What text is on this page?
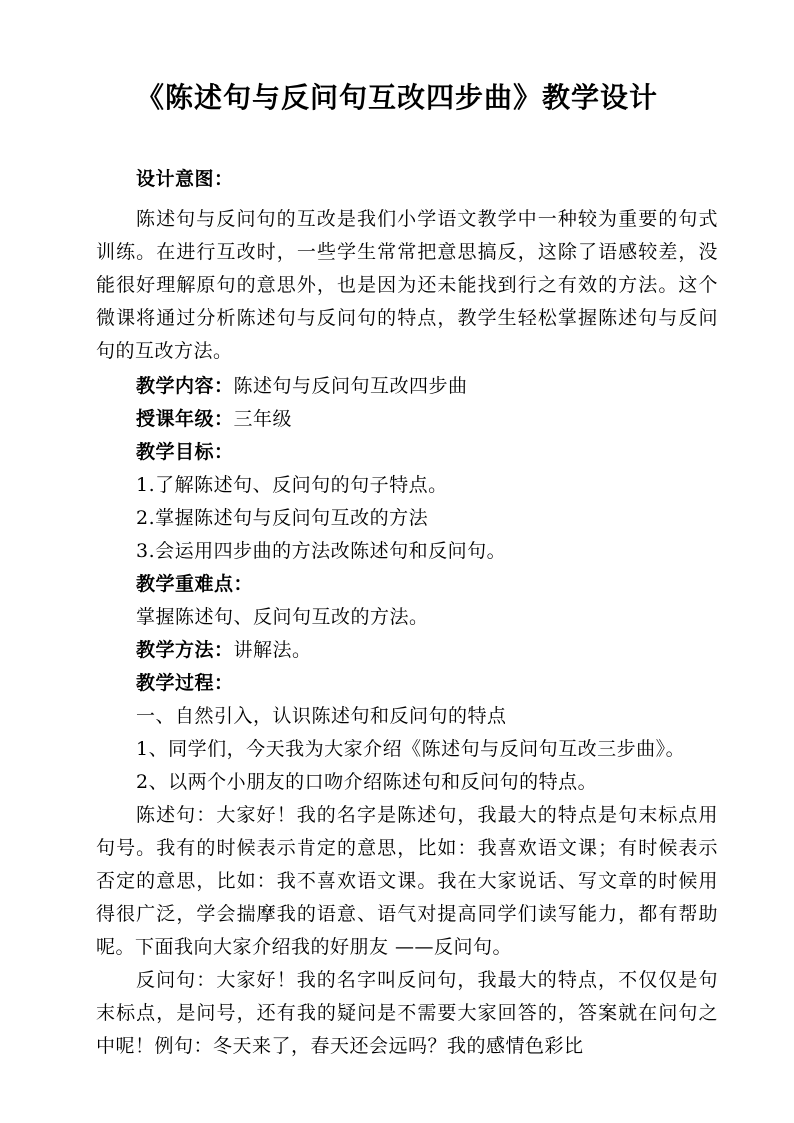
《陈述句与反问句互改四步曲》教学设计
设计意图：
陈述句与反问句的互改是我们小学语文教学中一种较为重要的句式训练。在进行互改时，一些学生常常把意思搞反，这除了语感较差，没能很好理解原句的意思外，也是因为还未能找到行之有效的方法。这个微课将通过分析陈述句与反问句的特点，教学生轻松掌握陈述句与反问句的互改方法。
教学内容：陈述句与反问句互改四步曲
授课年级：三年级
教学目标：
1.了解陈述句、反问句的句子特点。
2.掌握陈述句与反问句互改的方法
3.会运用四步曲的方法改陈述句和反问句。
教学重难点：
掌握陈述句、反问句互改的方法。
教学方法：讲解法。
教学过程：
一、自然引入，认识陈述句和反问句的特点
1、同学们，今天我为大家介绍《陈述句与反问句互改三步曲》。
2、以两个小朋友的口吻介绍陈述句和反问句的特点。
陈述句：大家好！我的名字是陈述句，我最大的特点是句末标点用句号。我有的时候表示肯定的意思，比如：我喜欢语文课；有时候表示否定的意思，比如：我不喜欢语文课。我在大家说话、写文章的时候用得很广泛，学会揣摩我的语意、语气对提高同学们读写能力，都有帮助呢。下面我向大家介绍我的好朋友 ——反问句。
反问句：大家好！我的名字叫反问句，我最大的特点，不仅仅是句末标点，是问号，还有我的疑问是不需要大家回答的，答案就在问句之中呢！例句：冬天来了，春天还会远吗？我的感情色彩比
